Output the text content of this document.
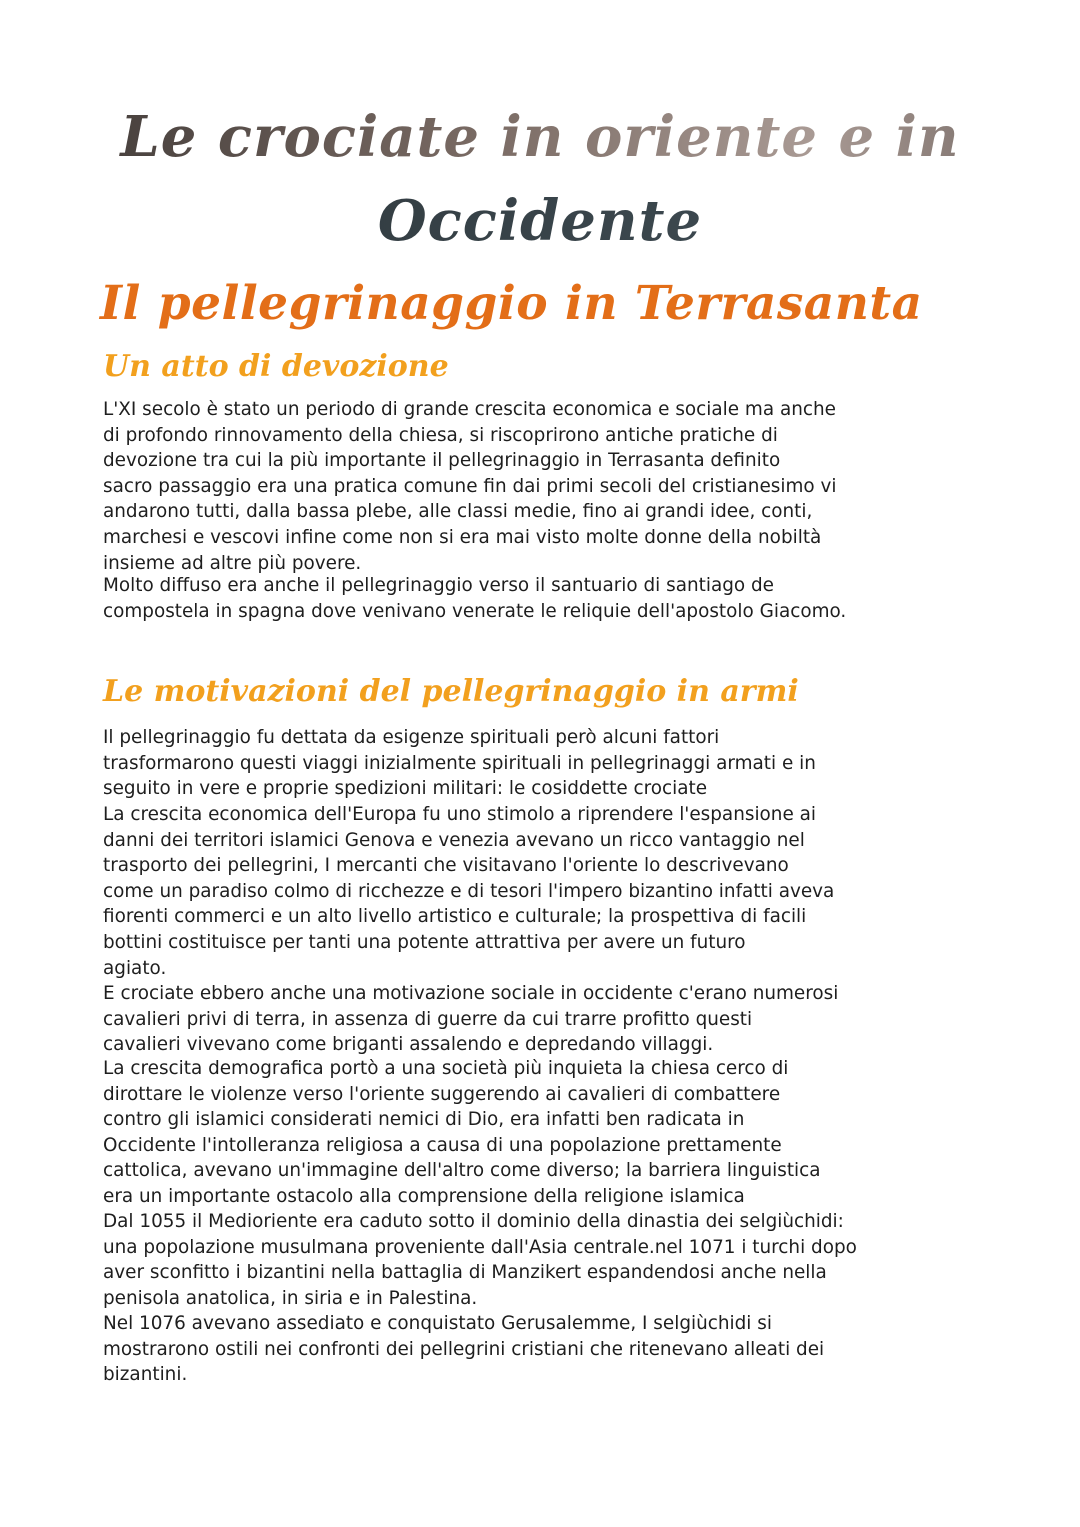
Le crociate in oriente e in
Occidente
Il pellegrinaggio in Terrasanta
Un atto di devozione

L'XI secolo è stato un periodo di grande crescita economica e sociale ma anche
di profondo rinnovamento della chiesa, si riscoprirono antiche pratiche di
devozione tra cui la più importante il pellegrinaggio in Terrasanta definito
sacro passaggio era una pratica comune fin dai primi secoli del cristianesimo vi
andarono tutti, dalla bassa plebe, alle classi medie, fino ai grandi idee, conti,
marchesi e vescovi infine come non si era mai visto molte donne della nobiltà
insieme ad altre più povere.

Molto diffuso era anche il pellegrinaggio verso il santuario di santiago de
compostela in spagna dove venivano venerate le reliquie dell'apostolo Giacomo.

Le motivazioni del pellegrinaggio in armi

Il pellegrinaggio fu dettata da esigenze spirituali però alcuni fattori
trasformarono questi viaggi inizialmente spirituali in pellegrinaggi armati e in
seguito in vere e proprie spedizioni militari: le cosiddette crociate

La crescita economica dell'Europa fu uno stimolo a riprendere l'espansione ai
danni dei territori islamici Genova e venezia avevano un ricco vantaggio nel
trasporto dei pellegrini, I mercanti che visitavano l'oriente lo descrivevano
come un paradiso colmo di ricchezze e di tesori l'impero bizantino infatti aveva
fiorenti commerci e un alto livello artistico e culturale; la prospettiva di facili
bottini costituisce per tanti una potente attrattiva per avere un futuro
agiato.

E crociate ebbero anche una motivazione sociale in occidente c'erano numerosi
cavalieri privi di terra, in assenza di guerre da cui trarre profitto questi
cavalieri vivevano come briganti assalendo e depredando villaggi.

La crescita demografica portò a una società più inquieta la chiesa cerco di
dirottare le violenze verso l'oriente suggerendo ai cavalieri di combattere
contro gli islamici considerati nemici di Dio, era infatti ben radicata in
Occidente l'intolleranza religiosa a causa di una popolazione prettamente
cattolica, avevano un'immagine dell'altro come diverso; la barriera linguistica
era un importante ostacolo alla comprensione della religione islamica

Dal 1055 il Medioriente era caduto sotto il dominio della dinastia dei selgiùchidi:
una popolazione musulmana proveniente dall'Asia centrale.nel 1071 i turchi dopo
aver sconfitto i bizantini nella battaglia di Manzikert espandendosi anche nella
penisola anatolica, in siria e in Palestina.

Nel 1076 avevano assediato e conquistato Gerusalemme, I selgiùchidi si
mostrarono ostili nei confronti dei pellegrini cristiani che ritenevano alleati dei
bizantini.
